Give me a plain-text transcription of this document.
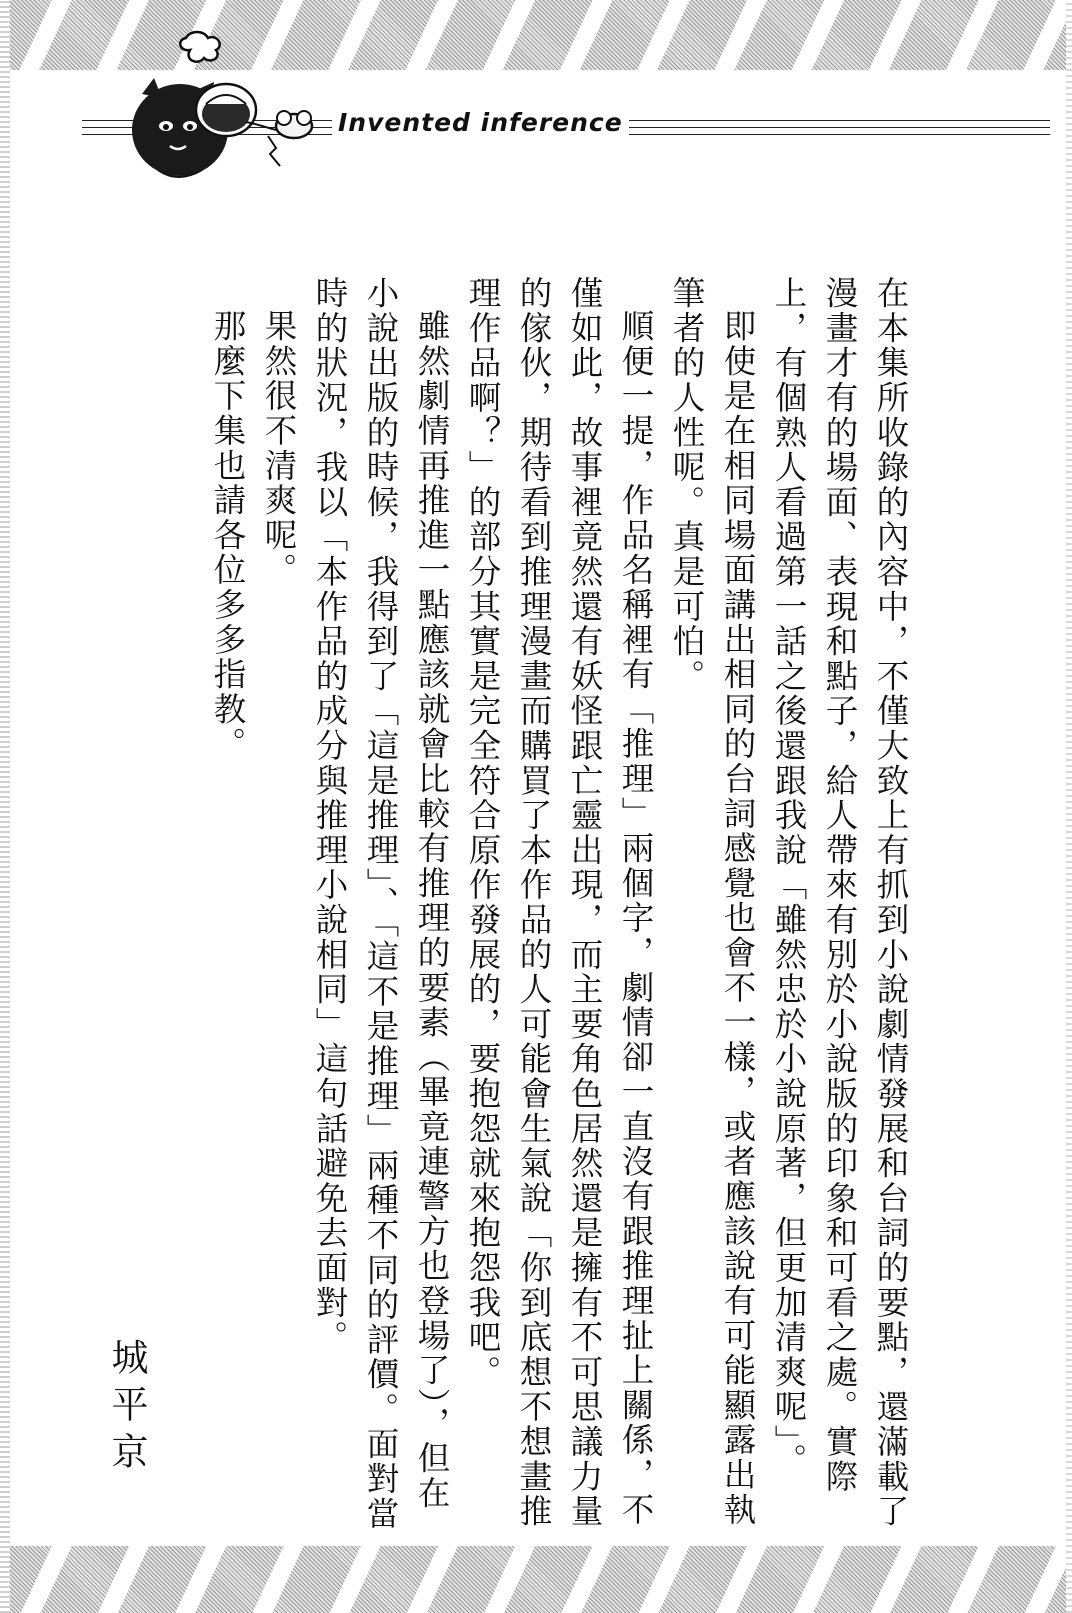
Invented inference

在本集所收錄的內容中，不僅大致上有抓到小說劇情發展和台詞的要點，還滿載了漫畫才有的場面、表現和點子，給人帶來有別於小說版的印象和可看之處。實際上，有個熟人看過第一話之後還跟我說「雖然忠於小說原著，但更加清爽呢」。

即使是在相同場面講出相同的台詞感覺也會不一樣，或者應該說有可能顯露出執筆者的人性呢。真是可怕。

順便一提，作品名稱裡有「推理」兩個字，劇情卻一直沒有跟推理扯上關係，不僅如此，故事裡竟然還有妖怪跟亡靈出現，而主要角色居然還是擁有不可思議力量的傢伙，期待看到推理漫畫而購買了本作品的人可能會生氣說「你到底想不想畫推理作品啊？」的部分其實是完全符合原作發展的，要抱怨就來抱怨我吧。

雖然劇情再推進一點應該就會比較有推理的要素（畢竟連警方也登場了），但在小說出版的時候，我得到了「這是推理」、「這不是推理」兩種不同的評價。面對當時的狀況，我以「本作品的成分與推理小說相同」這句話避免去面對。

果然很不清爽呢。

那麼下集也請各位多多指教。

城平京
